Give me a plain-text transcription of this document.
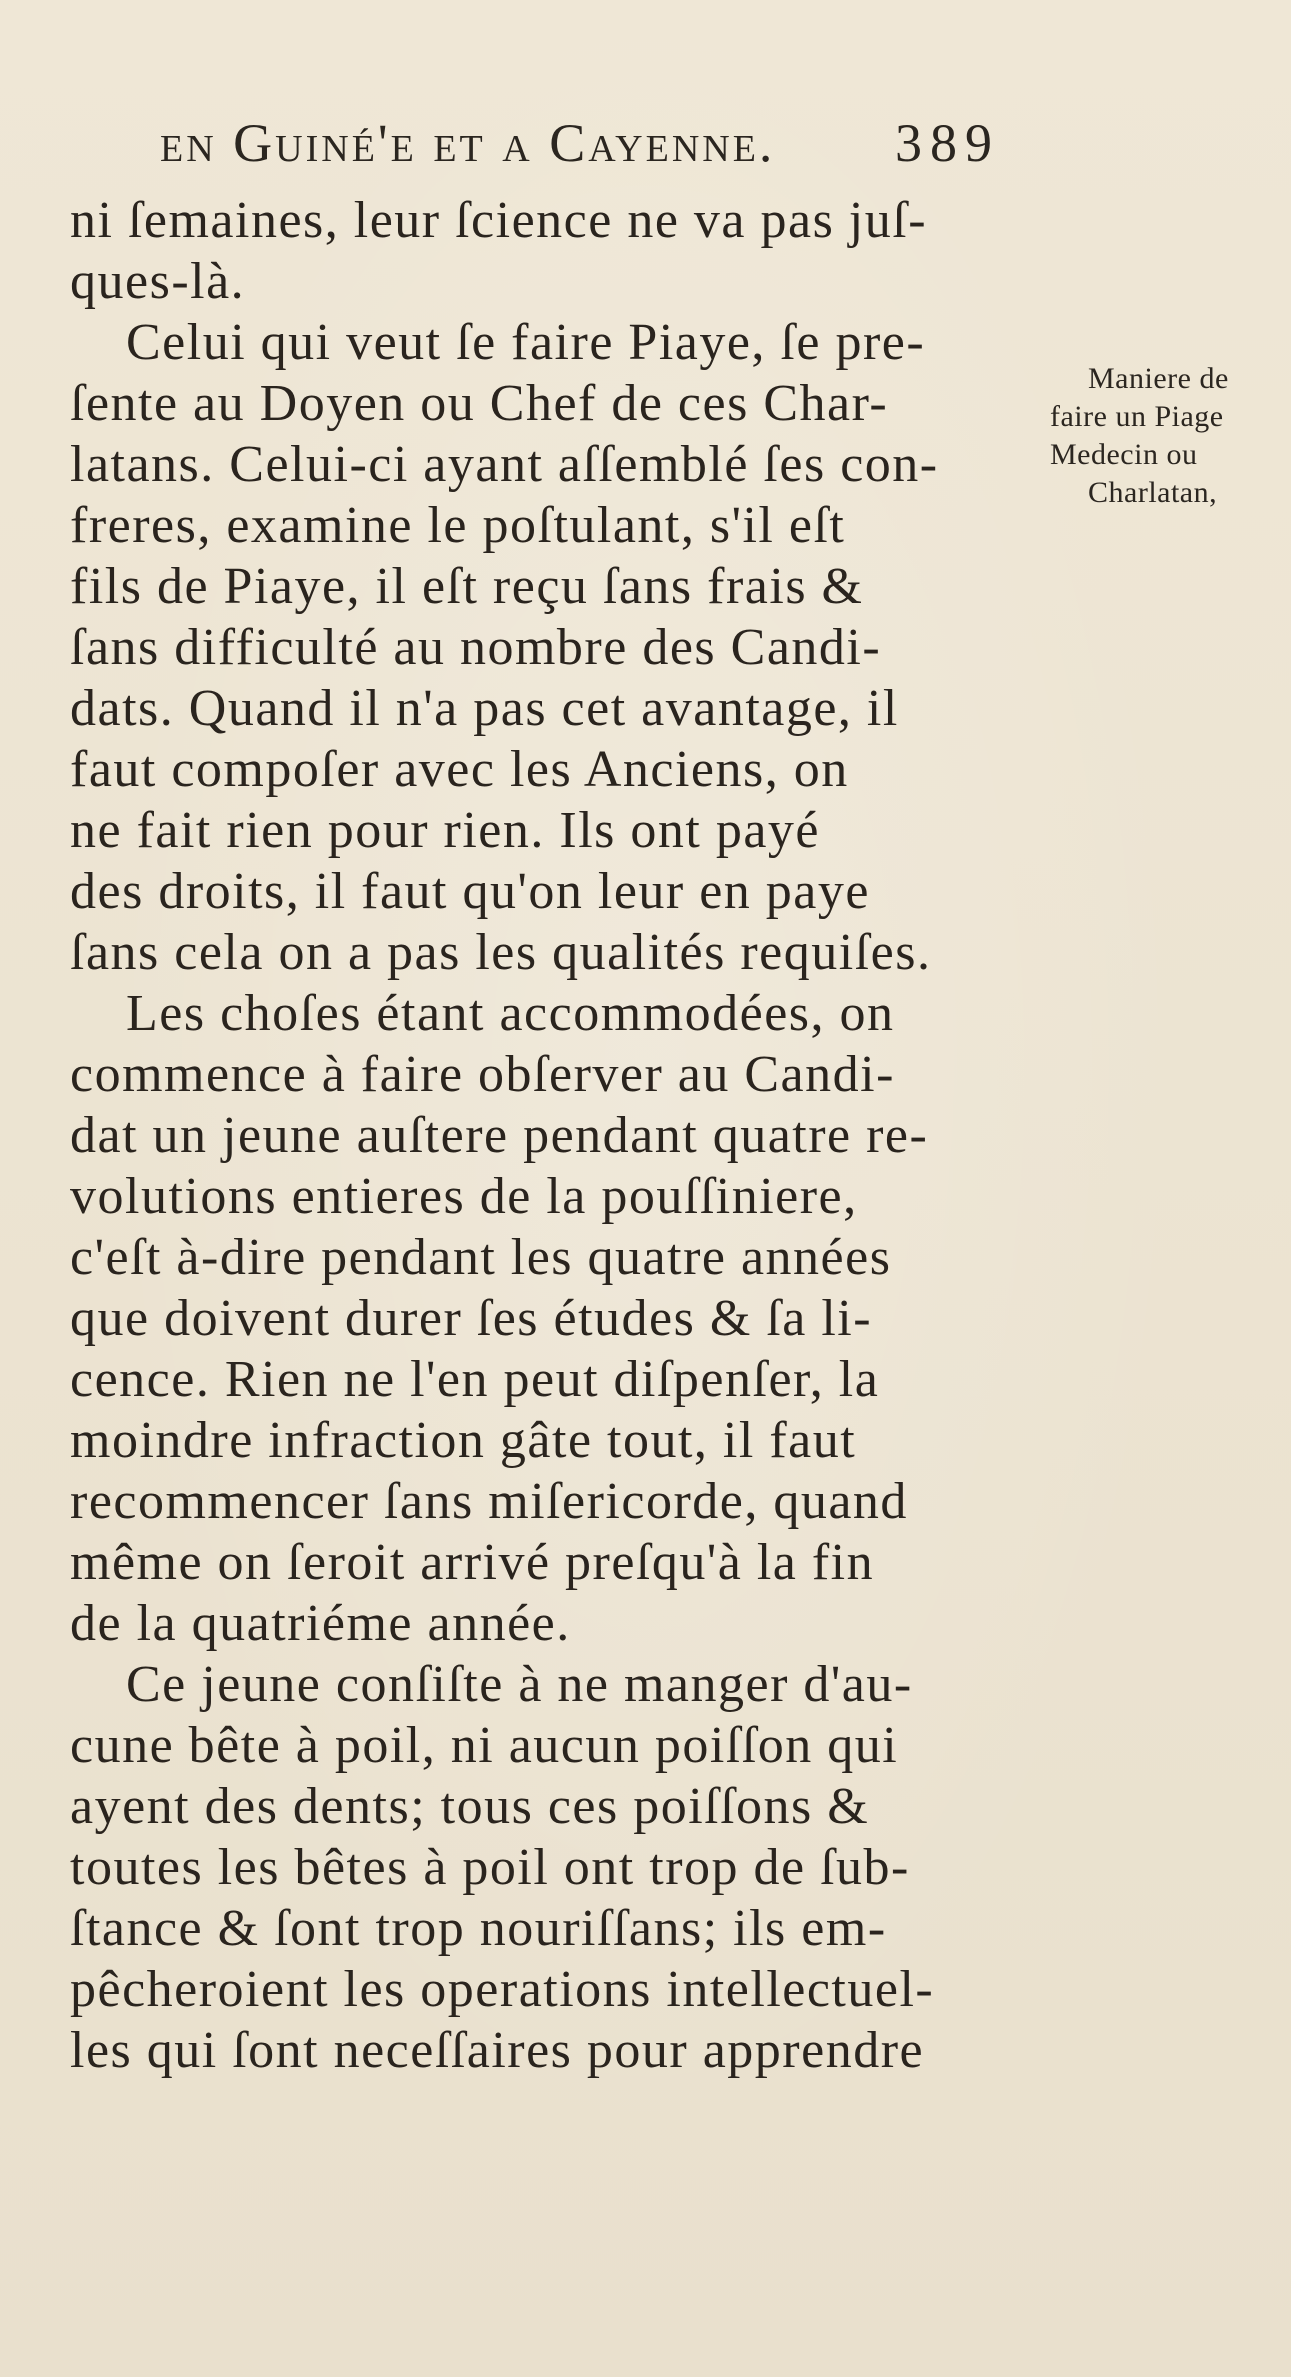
en Guiné'e et a Cayenne. 389
ni ſemaines, leur ſcience ne va pas juſ-
ques-là.
Celui qui veut ſe faire Piaye, ſe pre-
ſente au Doyen ou Chef de ces Char-
latans. Celui-ci ayant aſſemblé ſes con-
freres, examine le poſtulant, s'il eſt
fils de Piaye, il eſt reçu ſans frais &
ſans difficulté au nombre des Candi-
dats. Quand il n'a pas cet avantage, il
faut compoſer avec les Anciens, on
ne fait rien pour rien. Ils ont payé
des droits, il faut qu'on leur en paye
ſans cela on a pas les qualités requiſes.
Les choſes étant accommodées, on
commence à faire obſerver au Candi-
dat un jeune auſtere pendant quatre re-
volutions entieres de la pouſſiniere,
c'eſt à-dire pendant les quatre années
que doivent durer ſes études & ſa li-
cence. Rien ne l'en peut diſpenſer, la
moindre infraction gâte tout, il faut
recommencer ſans miſericorde, quand
même on ſeroit arrivé preſqu'à la fin
de la quatriéme année.
Ce jeune conſiſte à ne manger d'au-
cune bête à poil, ni aucun poiſſon qui
ayent des dents; tous ces poiſſons &
toutes les bêtes à poil ont trop de ſub-
ſtance & ſont trop nouriſſans; ils em-
pêcheroient les operations intellectuel-
les qui ſont neceſſaires pour apprendre
Maniere de
faire un Piage
Medecin ou
Charlatan,
